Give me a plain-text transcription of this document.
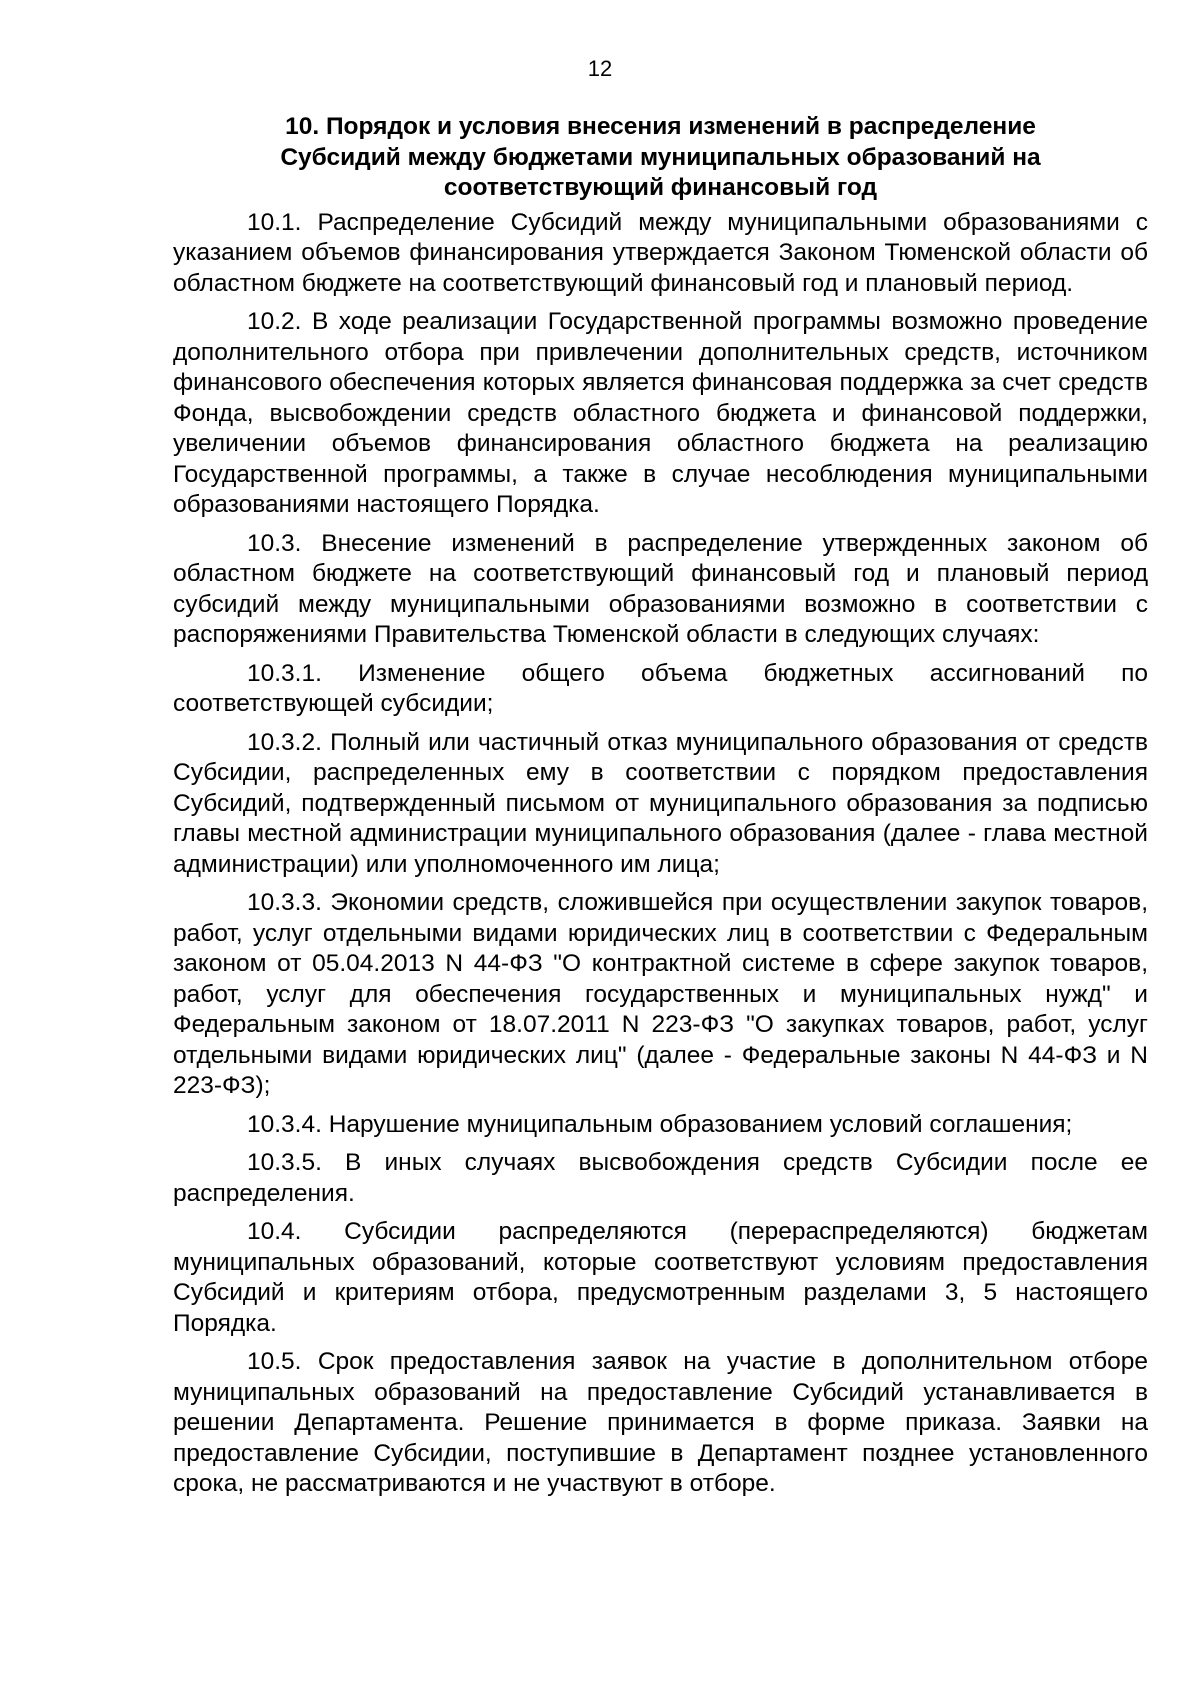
12
10. Порядок и условия внесения изменений в распределение
Субсидий между бюджетами муниципальных образований на
соответствующий финансовый год

10.1. Распределение Субсидий между муниципальными образованиями с указанием объемов финансирования утверждается Законом Тюменской области об областном бюджете на соответствующий финансовый год и плановый период.

10.2. В ходе реализации Государственной программы возможно проведение дополнительного отбора при привлечении дополнительных средств, источником финансового обеспечения которых является финансовая поддержка за счет средств Фонда, высвобождении средств областного бюджета и финансовой поддержки, увеличении объемов финансирования областного бюджета на реализацию Государственной программы, а также в случае несоблюдения муниципальными образованиями настоящего Порядка.

10.3. Внесение изменений в распределение утвержденных законом об областном бюджете на соответствующий финансовый год и плановый период субсидий между муниципальными образованиями возможно в соответствии с распоряжениями Правительства Тюменской области в следующих случаях:

10.3.1. Изменение общего объема бюджетных ассигнований по соответствующей субсидии;

10.3.2. Полный или частичный отказ муниципального образования от средств Субсидии, распределенных ему в соответствии с порядком предоставления Субсидий, подтвержденный письмом от муниципального образования за подписью главы местной администрации муниципального образования (далее - глава местной администрации) или уполномоченного им лица;

10.3.3. Экономии средств, сложившейся при осуществлении закупок товаров, работ, услуг отдельными видами юридических лиц в соответствии с Федеральным законом от 05.04.2013 N 44-ФЗ "О контрактной системе в сфере закупок товаров, работ, услуг для обеспечения государственных и муниципальных нужд" и Федеральным законом от 18.07.2011 N 223-ФЗ "О закупках товаров, работ, услуг отдельными видами юридических лиц" (далее - Федеральные законы N 44-ФЗ и N 223-ФЗ);

10.3.4. Нарушение муниципальным образованием условий соглашения;

10.3.5. В иных случаях высвобождения средств Субсидии после ее распределения.

10.4. Субсидии распределяются (перераспределяются) бюджетам муниципальных образований, которые соответствуют условиям предоставления Субсидий и критериям отбора, предусмотренным разделами 3, 5 настоящего Порядка.

10.5. Срок предоставления заявок на участие в дополнительном отборе муниципальных образований на предоставление Субсидий устанавливается в решении Департамента. Решение принимается в форме приказа. Заявки на предоставление Субсидии, поступившие в Департамент позднее установленного срока, не рассматриваются и не участвуют в отборе.
